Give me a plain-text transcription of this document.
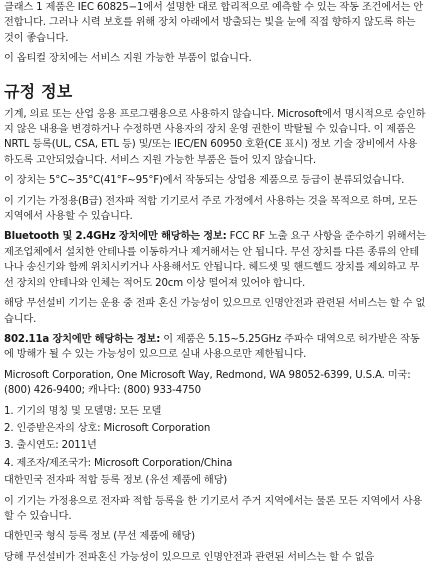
클래스 1 제품은 IEC 60825−1에서 설명한 대로 합리적으로 예측할 수 있는 작동 조건에서는 안전합니다. 그러나 시력 보호를 위해 장치 아래에서 방출되는 빛을 눈에 직접 향하지 않도록 하는 것이 좋습니다.

이 옵티컬 장치에는 서비스 지원 가능한 부품이 없습니다.

규정 정보

기계, 의료 또는 산업 응용 프로그램용으로 사용하지 않습니다. Microsoft에서 명시적으로 승인하지 않은 내용을 변경하거나 수정하면 사용자의 장치 운영 권한이 박탈될 수 있습니다. 이 제품은 NRTL 등록(UL, CSA, ETL 등) 및/또는 IEC/EN 60950 호환(CE 표시) 정보 기술 장비에서 사용하도록 고안되었습니다. 서비스 지원 가능한 부품은 들어 있지 않습니다.

이 장치는 5°C~35°C(41°F~95°F)에서 작동되는 상업용 제품으로 등급이 분류되었습니다.

이 기기는 가정용(B급) 전자파 적합 기기로서 주로 가정에서 사용하는 것을 목적으로 하며, 모든 지역에서 사용할 수 있습니다.

Bluetooth 및 2.4GHz 장치에만 해당하는 정보: FCC RF 노출 요구 사항을 준수하기 위해서는 제조업체에서 설치한 안테나를 이동하거나 제거해서는 안 됩니다. 무선 장치를 다른 종류의 안테나나 송신기와 함께 위치시키거나 사용해서도 안됩니다. 헤드셋 및 핸드헬드 장치를 제외하고 무선 장치의 안테나와 인체는 적어도 20cm 이상 떨어져 있어야 합니다.

해당 무선설비 기기는 운용 중 전파 혼신 가능성이 있으므로 인명안전과 관련된 서비스는 할 수 없습니다.

802.11a 장치에만 해당하는 정보: 이 제품은 5.15~5.25GHz 주파수 대역으로 허가받은 작동에 방해가 될 수 있는 가능성이 있으므로 실내 사용으로만 제한됩니다.

Microsoft Corporation, One Microsoft Way, Redmond, WA 98052-6399, U.S.A. 미국: (800) 426-9400; 캐나다: (800) 933-4750

1. 기기의 명칭 및 모델명: 모든 모델

2. 인증받은자의 상호: Microsoft Corporation

3. 출시연도: 2011년

4. 제조자/제조국가: Microsoft Corporation/China

대한민국 전자파 적합 등록 정보 (유선 제품에 해당)

이 기기는 가정용으로 전자파 적합 등록을 한 기기로서 주거 지역에서는 물론 모든 지역에서 사용할 수 있습니다.

대한민국 형식 등록 정보 (무선 제품에 해당)

당해 무선설비가 전파혼신 가능성이 있으므로 인명안전과 관련된 서비스는 할 수 없음
